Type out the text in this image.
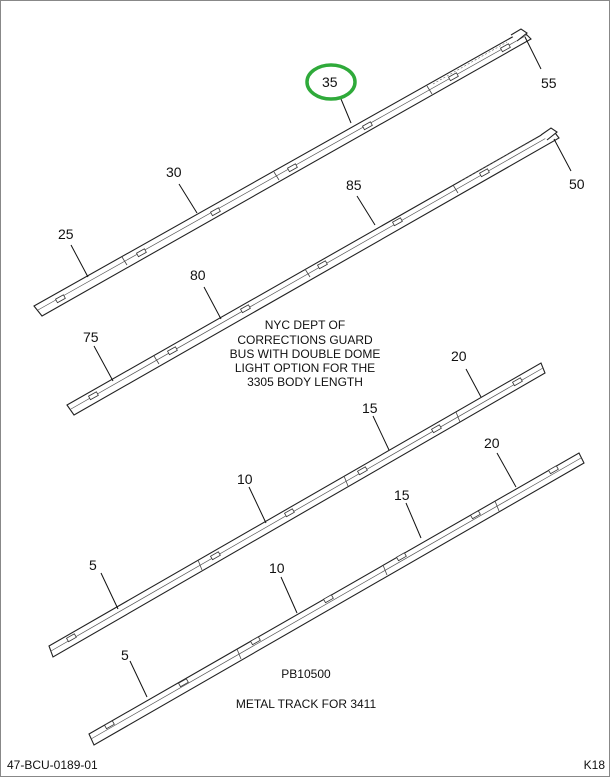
55
35
30
25
50
85
80
75
20
15
10
5
20
15
10
5
NYC DEPT OF
CORRECTIONS GUARD
BUS WITH DOUBLE DOME
LIGHT OPTION FOR THE
3305 BODY LENGTH
PB10500
METAL TRACK FOR 3411
47-BCU-0189-01	K18
